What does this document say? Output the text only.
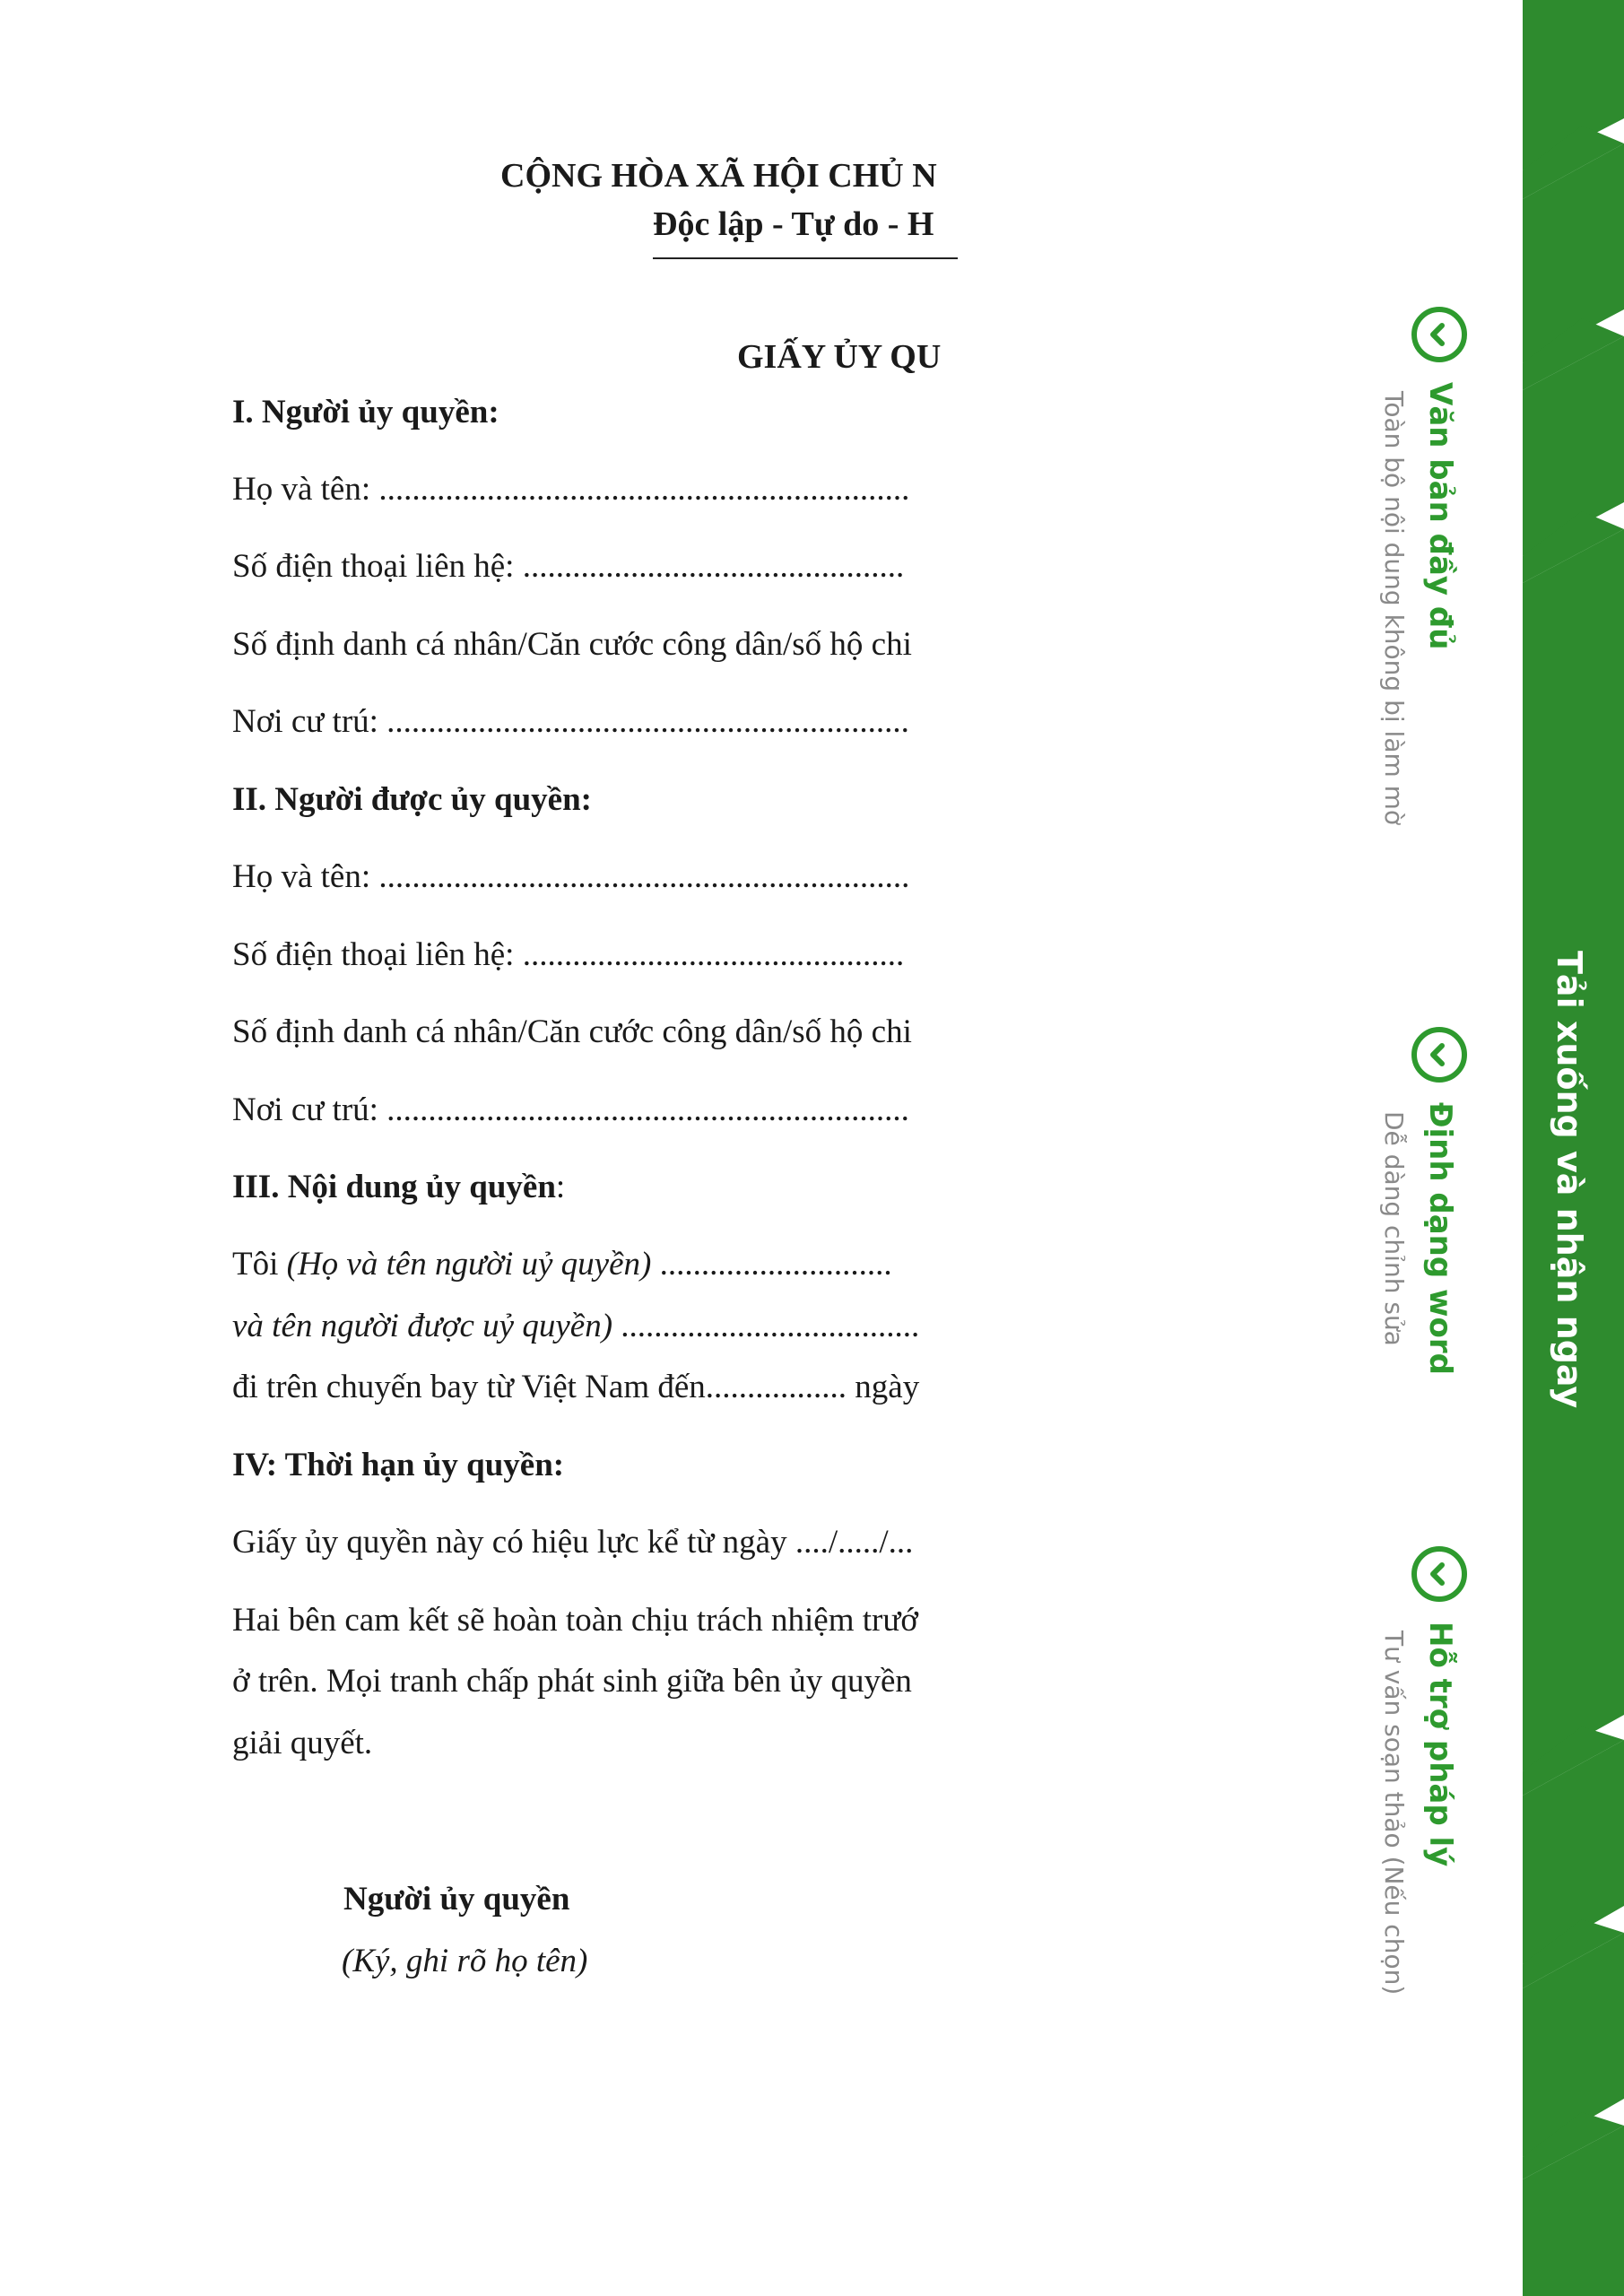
CỘNG HÒA XÃ HỘI CHỦ N
Độc lập - Tự do - H
GIẤY ỦY QU
I. Người ủy quyền:
Họ và tên: ................................................................
Số điện thoại liên hệ: ..............................................
Số định danh cá nhân/Căn cước công dân/số hộ chi
Nơi cư trú: ...............................................................
II. Người được ủy quyền:
Họ và tên: ................................................................
Số điện thoại liên hệ: ..............................................
Số định danh cá nhân/Căn cước công dân/số hộ chi
Nơi cư trú: ...............................................................
III. Nội dung ủy quyền:
Tôi (Họ và tên người uỷ quyền) ............................
và tên người được uỷ quyền) ....................................
đi trên chuyến bay từ Việt Nam đến................. ngày
IV: Thời hạn ủy quyền:
Giấy ủy quyền này có hiệu lực kể từ ngày ..../...../...
Hai bên cam kết sẽ hoàn toàn chịu trách nhiệm trướ
ở trên. Mọi tranh chấp phát sinh giữa bên ủy quyền
giải quyết.
Người ủy quyền
(Ký, ghi rõ họ tên)
Tải xuống và nhận ngay
Văn bản đầy đủ
Toàn bộ nội dung không bị làm mờ
Định dạng word
Dễ dàng chỉnh sửa
Hỗ trợ pháp lý
Tư vấn soạn thảo (Nếu chọn)
